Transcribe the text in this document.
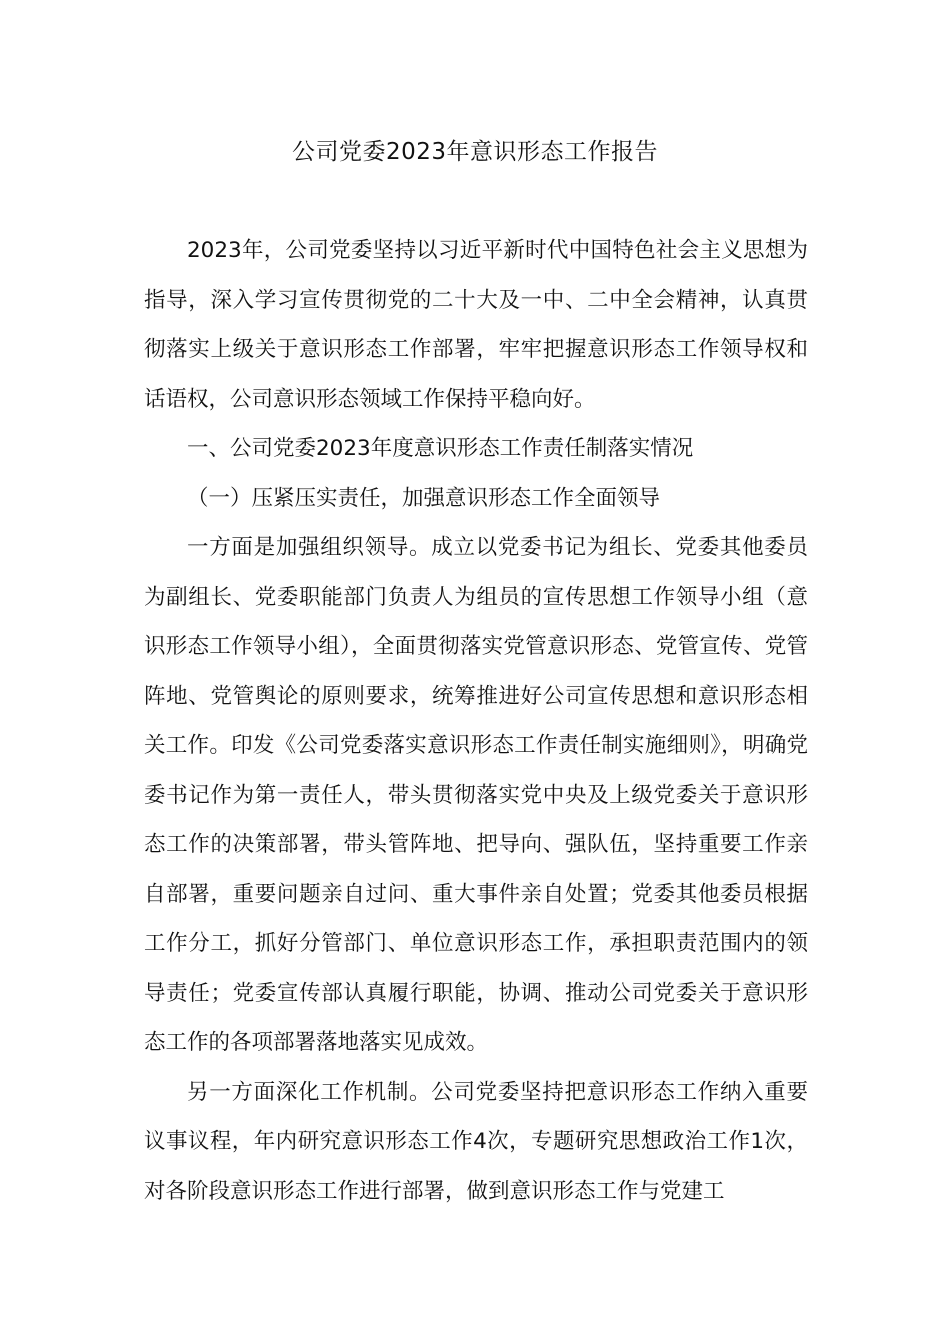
公司党委2023年意识形态工作报告

2023年，公司党委坚持以习近平新时代中国特色社会主义思想为指导，深入学习宣传贯彻党的二十大及一中、二中全会精神，认真贯彻落实上级关于意识形态工作部署，牢牢把握意识形态工作领导权和话语权，公司意识形态领域工作保持平稳向好。

一、公司党委2023年度意识形态工作责任制落实情况

（一）压紧压实责任，加强意识形态工作全面领导

一方面是加强组织领导。成立以党委书记为组长、党委其他委员为副组长、党委职能部门负责人为组员的宣传思想工作领导小组（意识形态工作领导小组），全面贯彻落实党管意识形态、党管宣传、党管阵地、党管舆论的原则要求，统筹推进好公司宣传思想和意识形态相关工作。印发《公司党委落实意识形态工作责任制实施细则》，明确党委书记作为第一责任人，带头贯彻落实党中央及上级党委关于意识形态工作的决策部署，带头管阵地、把导向、强队伍，坚持重要工作亲自部署，重要问题亲自过问、重大事件亲自处置；党委其他委员根据工作分工，抓好分管部门、单位意识形态工作，承担职责范围内的领导责任；党委宣传部认真履行职能，协调、推动公司党委关于意识形态工作的各项部署落地落实见成效。

另一方面深化工作机制。公司党委坚持把意识形态工作纳入重要议事议程，年内研究意识形态工作4次，专题研究思想政治工作1次，对各阶段意识形态工作进行部署，做到意识形态工作与党建工
